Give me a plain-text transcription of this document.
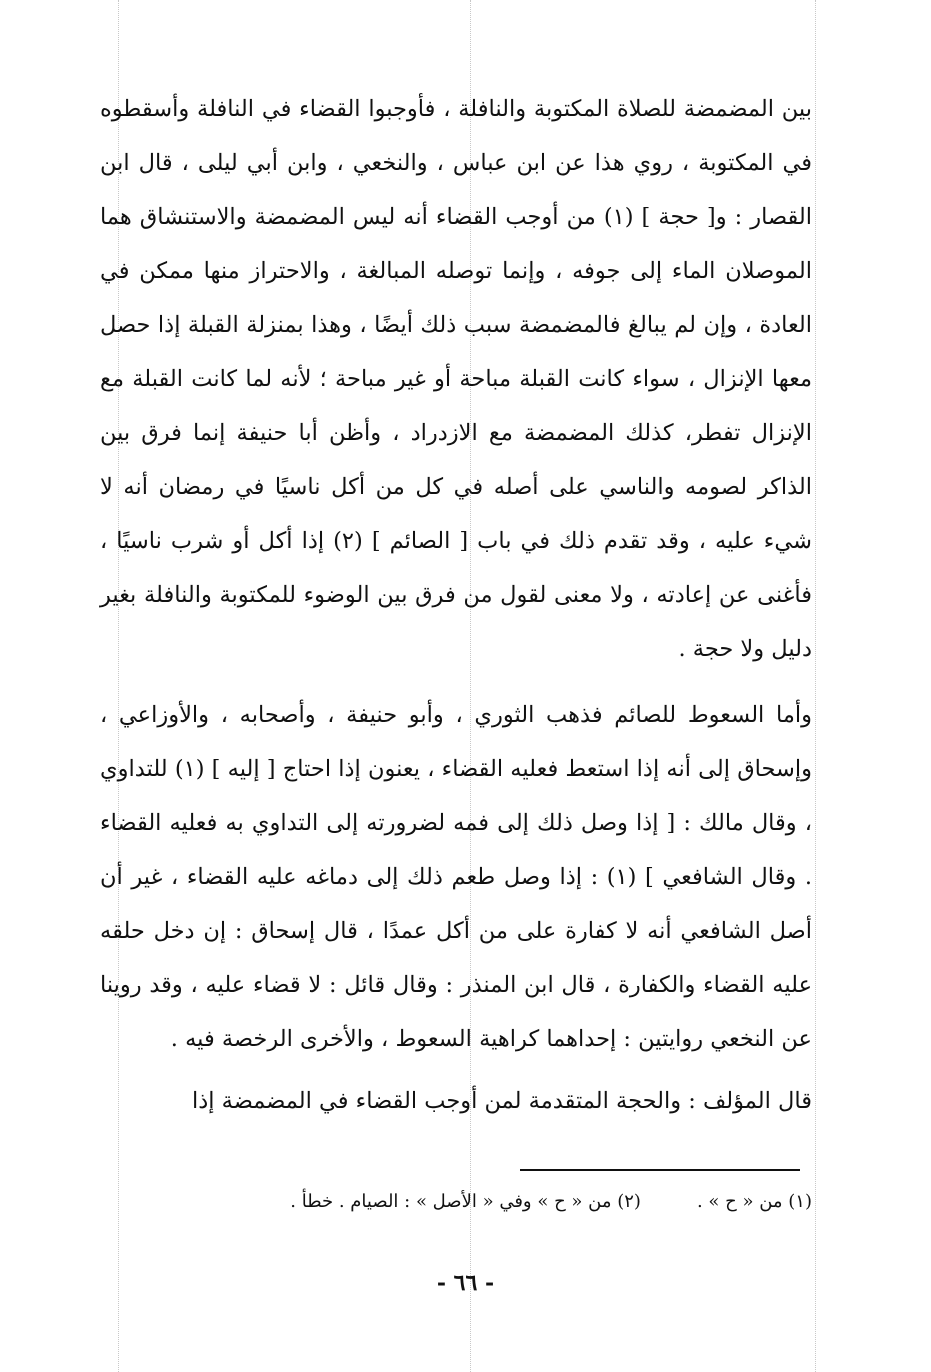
بين المضمضة للصلاة المكتوبة والنافلة ، فأوجبوا القضاء في النافلة وأسقطوه في المكتوبة ، روي هذا عن ابن عباس ، والنخعي ، وابن أبي ليلى ، قال ابن القصار : و[ حجة ] (١) من أوجب القضاء أنه ليس المضمضة والاستنشاق هما الموصلان الماء إلى جوفه ، وإنما توصله المبالغة ، والاحتراز منها ممكن في العادة ، وإن لم يبالغ فالمضمضة سبب ذلك أيضًا ، وهذا بمنزلة القبلة إذا حصل معها الإنزال ، سواء كانت القبلة مباحة أو غير مباحة ؛ لأنه لما كانت القبلة مع الإنزال تفطر، كذلك المضمضة مع الازدراد ، وأظن أبا حنيفة إنما فرق بين الذاكر لصومه والناسي على أصله في كل من أكل ناسيًا في رمضان أنه لا شيء عليه ، وقد تقدم ذلك في باب [ الصائم ] (٢) إذا أكل أو شرب ناسيًا ، فأغنى عن إعادته ، ولا معنى لقول من فرق بين الوضوء للمكتوبة والنافلة بغير دليل ولا حجة .

وأما السعوط للصائم فذهب الثوري ، وأبو حنيفة ، وأصحابه ، والأوزاعي ، وإسحاق إلى أنه إذا استعط فعليه القضاء ، يعنون إذا احتاج [ إليه ] (١) للتداوي ، وقال مالك : [ إذا وصل ذلك إلى فمه لضرورته إلى التداوي به فعليه القضاء . وقال الشافعي ] (١) : إذا وصل طعم ذلك إلى دماغه عليه القضاء ، غير أن أصل الشافعي أنه لا كفارة على من أكل عمدًا ، قال إسحاق : إن دخل حلقه عليه القضاء والكفارة ، قال ابن المنذر : وقال قائل : لا قضاء عليه ، وقد روينا عن النخعي روايتين : إحداهما كراهية السعوط ، والأخرى الرخصة فيه .

قال المؤلف : والحجة المتقدمة لمن أوجب القضاء في المضمضة إذا

(١) من « ح » .
(٢) من « ح » وفي « الأصل » : الصيام . خطأ .
- ٦٦ -
